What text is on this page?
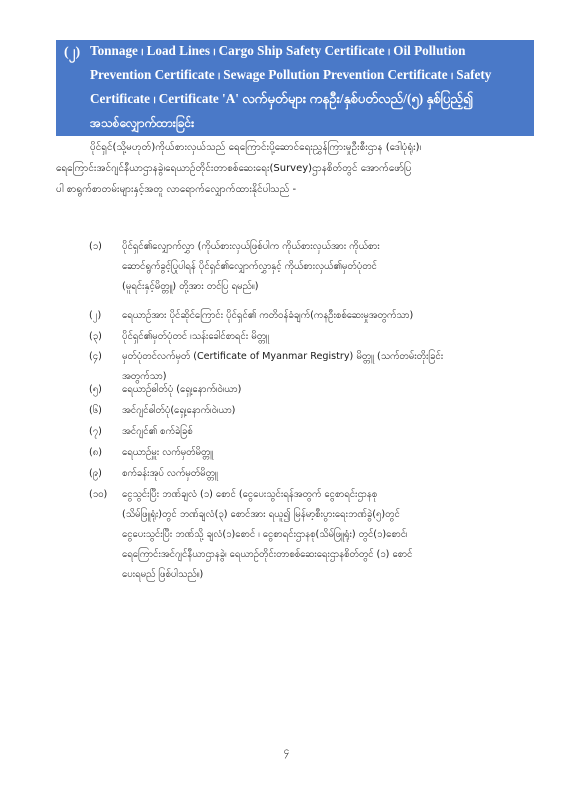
(၂) Tonnage ၊ Load Lines ၊ Cargo Ship Safety Certificate ၊ Oil Pollution
Prevention Certificate ၊ Sewage Pollution Prevention Certificate ၊ Safety
Certificate ၊ Certificate 'A' လက်မှတ်များ ကနဦး/နှစ်ပတ်လည်/(၅) နှစ်ပြည့်၍
အသစ်လျှောက်ထားခြင်း
ပိုင်ရှင်(သို့မဟုတ်)ကိုယ်စားလှယ်သည် ရေကြောင်းပို့ဆောင်ရေးညွှန်ကြားမှုဦးစီးဌာန (ဒေါပုံရုံး)၊
ရေကြောင်းအင်ဂျင်နီယာဌာနခွဲ၊ရေယာဉ်တိုင်းတာစစ်ဆေးရေး(Survey)ဌာနစိတ်တွင် အောက်ဖော်ပြ
ပါ စာရွက်စာတမ်းများနှင့်အတူ လာရောက်လျှောက်ထားနိုင်ပါသည် -
(၁) ပိုင်ရှင်၏လျှောက်လွှာ (ကိုယ်စားလှယ်ဖြစ်ပါက ကိုယ်စားလှယ်အား ကိုယ်စား
ဆောင်ရွက်ခွင့်ပြုပါရန် ပိုင်ရှင်၏လျှောက်လွှာနှင့် ကိုယ်စားလှယ်၏မှတ်ပုံတင်
(မူရင်းနှင့်မိတ္တူ) တို့အား တင်ပြ ရမည်။)
(၂) ရေယာဉ်အား ပိုင်ဆိုင်ကြောင်း ပိုင်ရှင်၏ ကတိဝန်ခံချက်(ကနဦးစစ်ဆေးမှုအတွက်သာ)
(၃) ပိုင်ရှင်၏မှတ်ပုံတင် ၊သန်းခေါင်စာရင်း မိတ္တူ
(၄) မှတ်ပုံတင်လက်မှတ် (Certificate of Myanmar Registry) မိတ္တူ (သက်တမ်းတိုးခြင်း
အတွက်သာ)
(၅) ရေယာဉ်ဓါတ်ပုံ (ရှေ့၊နောက်၊ဝဲ၊ယာ)
(၆) အင်ဂျင်ဓါတ်ပုံ(ရှေ့၊နောက်၊ဝဲ၊ယာ)
(၇) အင်ဂျင်၏ စက်ခဲခြစ်
(၈) ရေယာဉ်မှူး လက်မှတ်မိတ္တူ
(၉) စက်ခန်းအုပ် လက်မှတ်မိတ္တူ
(၁၀) ငွေသွင်းပြီး ဘဏ်ချလံ (၁) စောင် (ငွေပေးသွင်းရန်အတွက် ငွေစာရင်းဌာနစု
(သိမ်ဖြူရုံး)တွင် ဘဏ်ချလံ(၃) စောင်အား ရယူ၍ မြန်မာ့စီးပွားရေးဘဏ်ခွဲ(၅)တွင်
ငွေပေးသွင်းပြီး ဘဏ်သို့ ချလံ(၁)စောင် ၊ ငွေစာရင်းဌာနစု(သိမ်ဖြူရုံး) တွင်(၁)စောင်၊
ရေကြောင်းအင်ဂျင်နီယာဌာနခွဲ၊ ရေယာဉ်တိုင်းတာစစ်ဆေးရေးဌာနစိတ်တွင် (၁) စောင်
ပေးရမည် ဖြစ်ပါသည်။)
၄
